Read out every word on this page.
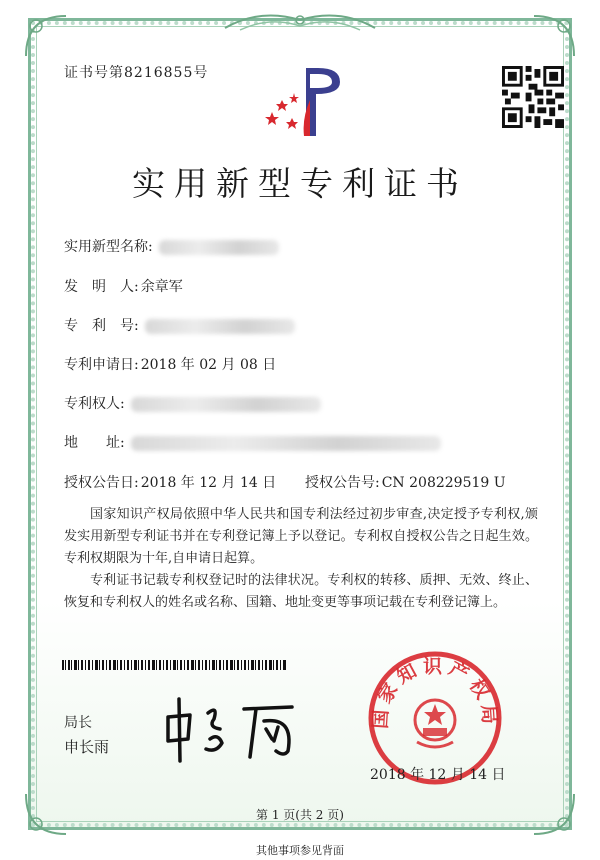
证书号第8216855号
实用新型专利证书
实用新型名称:
发　明　人: 余章军
专　利　号:
专利申请日: 2018 年 02 月 08 日
专利权人:
地　　址:
授权公告日: 2018 年 12 月 14 日 授权公告号: CN 208229519 U
国家知识产权局依照中华人民共和国专利法经过初步审查,决定授予专利权,颁发实用新型专利证书并在专利登记簿上予以登记。专利权自授权公告之日起生效。专利权期限为十年,自申请日起算。
专利证书记载专利权登记时的法律状况。专利权的转移、质押、无效、终止、恢复和专利权人的姓名或名称、国籍、地址变更等事项记载在专利登记簿上。
局长
申长雨
国家知识产权局
2018 年 12 月 14 日
第 1 页(共 2 页)
其他事项参见背面
